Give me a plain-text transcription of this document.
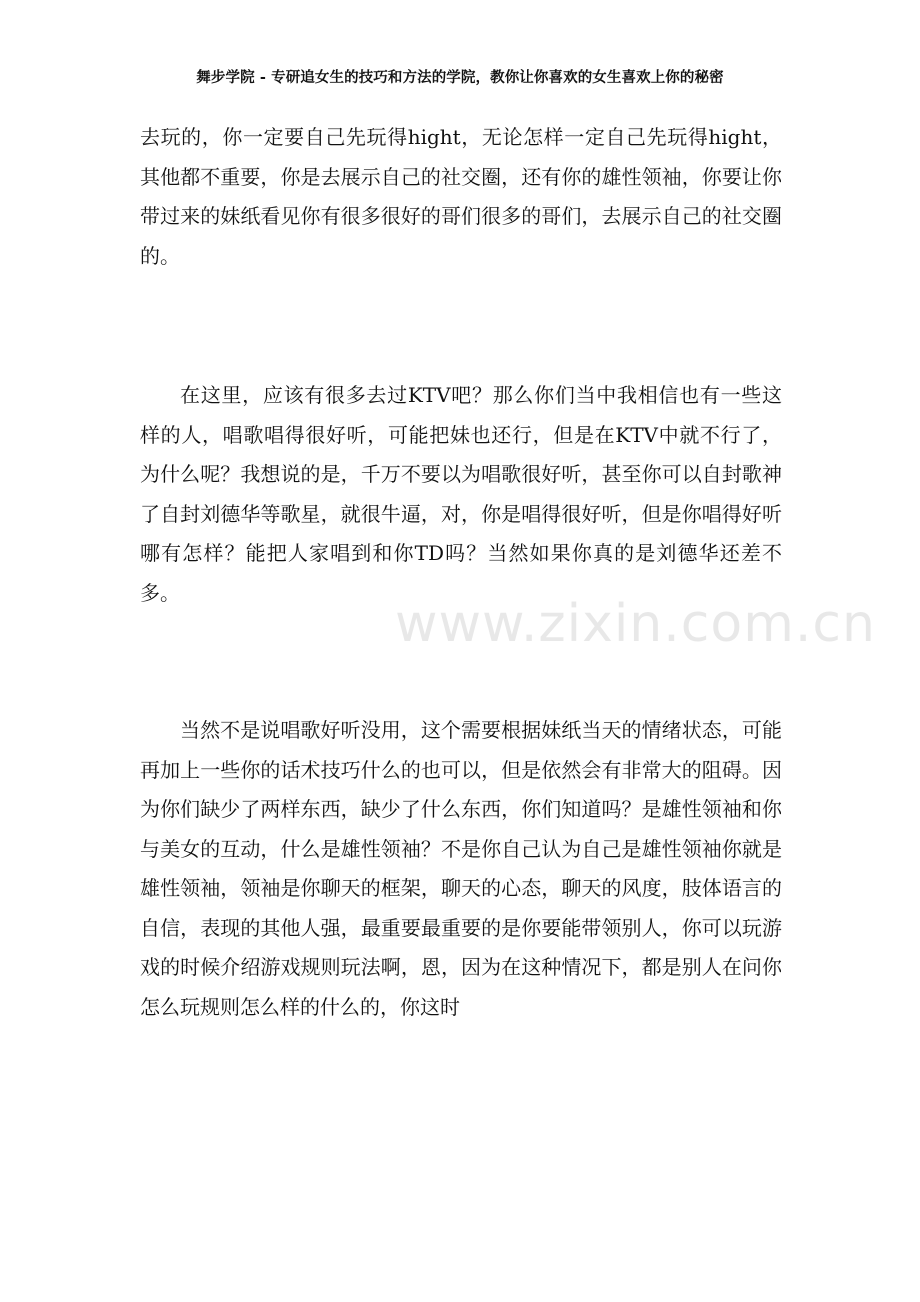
舞步学院 - 专研追女生的技巧和方法的学院，教你让你喜欢的女生喜欢上你的秘密

去玩的，你一定要自己先玩得hight，无论怎样一定自己先玩得hight，其他都不重要，你是去展示自己的社交圈，还有你的雄性领袖，你要让你带过来的妹纸看见你有很多很好的哥们很多的哥们，去展示自己的社交圈的。

在这里，应该有很多去过KTV吧？那么你们当中我相信也有一些这样的人，唱歌唱得很好听，可能把妹也还行，但是在KTV中就不行了，为什么呢？我想说的是，千万不要以为唱歌很好听，甚至你可以自封歌神了自封刘德华等歌星，就很牛逼，对，你是唱得很好听，但是你唱得好听哪有怎样？能把人家唱到和你TD吗？当然如果你真的是刘德华还差不多。

当然不是说唱歌好听没用，这个需要根据妹纸当天的情绪状态，可能再加上一些你的话术技巧什么的也可以，但是依然会有非常大的阻碍。因为你们缺少了两样东西，缺少了什么东西，你们知道吗？是雄性领袖和你与美女的互动，什么是雄性领袖？不是你自己认为自己是雄性领袖你就是雄性领袖，领袖是你聊天的框架，聊天的心态，聊天的风度，肢体语言的自信，表现的其他人强，最重要最重要的是你要能带领别人，你可以玩游戏的时候介绍游戏规则玩法啊，恩，因为在这种情况下，都是别人在问你怎么玩规则怎么样的什么的，你这时

www.zixin.com.cn
